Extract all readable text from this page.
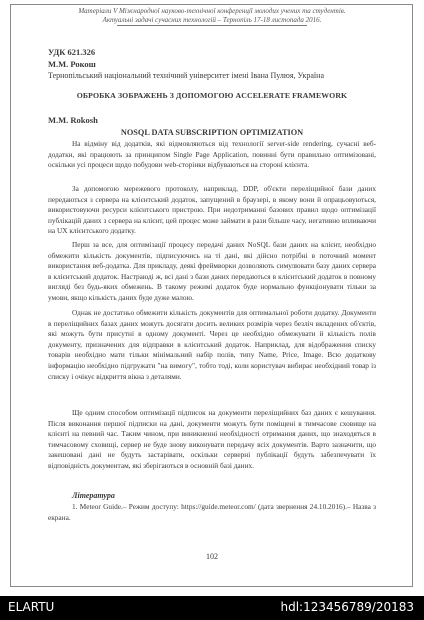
Матеріали V Міжнародної науково-технічної конференції молодих учених та студентів.
Актуальні задачі сучасних технологій – Тернопіль 17-18 листопада 2016.
УДК 621.326
М.М. Рокош
Тернопільський національний технічний університет імені Івана Пулюя, Україна
ОБРОБКА ЗОБРАЖЕНЬ З ДОПОМОГОЮ ACCELERATE FRAMEWORK
M.M. Rokosh
NOSQL DATA SUBSCRIPTION OPTIMIZATION

На відміну від додатків, які відмовляються від технології server-side rendering, сучасні веб-додатки, які працюють за принципом Single Page Application, повинні бути правильно оптимізовані, оскільки усі процеси щодо побудови web-сторінки відбуваються на стороні клієнта.

За допомогою мережевого протоколу, наприклад, DDP, об'єкти переліщийної бази даних передаються з сервера на клієнтський додаток, запущений в браузері, в якому вони й опрацьовуються, використовуючи ресурси клієнтського пристрою. При недотриманні базових правил щодо оптимізації публікацій даних з сервера на клієнт, цей процес може займати в рази більше часу, негативно впливаючи на UX клієнтського додатку.

Перш за все, для оптимізації процесу передачі даних NoSQL бази даних на клієнт, необхідно обмежити кількість документів, підписуючись на ті дані, які дійсно потрібні в поточний момент використання веб-додатка. Для прикладу, деякі фреймворки дозволяють симулювати базу даних сервера в клієнтський додаток. Настраюді ж, всі дані з бази даних передаються в клієнтський додаток в повному вигляді без будь-яких обмежень. В такому режимі додаток буде нормально функціонувати тільки за умови, якщо кількість даних буде дуже малою.

Однак не достатньо обмежити кількість документів для оптимальної роботи додатку. Документи в переліщийних базах даних можуть досягати досить великих розмірів через безліч вкладених об'єктів, які можуть бути присутні в одному документі. Через це необхідно обмежувати й кількість полів документу, призначених для відправки в клієнтський додаток. Наприклад, для відображення списку товарів необхідно мати тільки мінімальний набір полів, типу Name, Price, Image. Всю додаткову інформацію необхідно підгружати "на вимогу", тобто тоді, коли користувач вибирає необхідний товар із списку і очікує відкриття вікна з деталями.

Ще одним способом оптимізації підписок на документи переліщийних баз даних є кешування. Після виконання першої підписки на дані, документи можуть бути поміщені в тимчасове сховище на клієнті на певний час. Таким чином, при виникненні необхідності отримання даних, що знаходяться в тимчасовому сховищі, сервер не буде знову виконувати передачу всіх документів. Варто зазначити, що закешовані дані не будуть застарівати, оскільки серверні публікації будуть забезпечувати їх відповідність документам, які зберігаються в основній базі даних.

Література

1. Meteor Guide.– Режим доступу: https://guide.meteor.com/ (дата звернення 24.10.2016).– Назва з екрана.

102
ELARTU	hdl:123456789/20183
